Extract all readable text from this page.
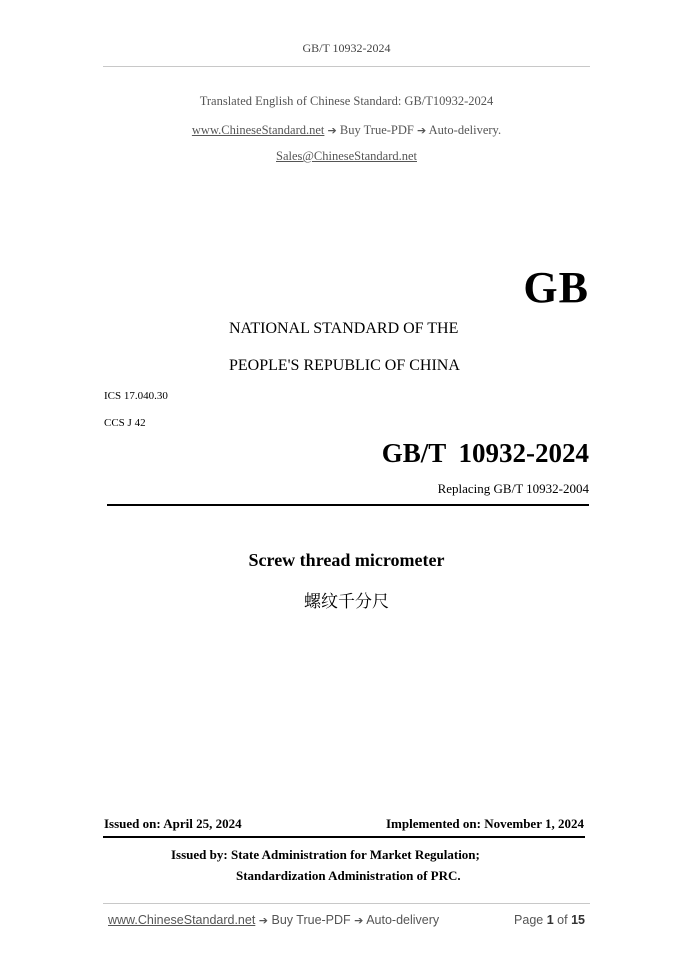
GB/T 10932-2024
Translated English of Chinese Standard: GB/T10932-2024
www.ChineseStandard.net ➔ Buy True-PDF ➔ Auto-delivery.
Sales@ChineseStandard.net
GB
NATIONAL STANDARD OF THE
PEOPLE'S REPUBLIC OF CHINA
ICS 17.040.30
CCS J 42
GB/T 10932-2024
Replacing GB/T 10932-2004
Screw thread micrometer
螺纹千分尺
Issued on: April 25, 2024	Implemented on: November 1, 2024
Issued by: State Administration for Market Regulation;
Standardization Administration of PRC.
www.ChineseStandard.net ➔ Buy True-PDF ➔ Auto-delivery	Page 1 of 15
